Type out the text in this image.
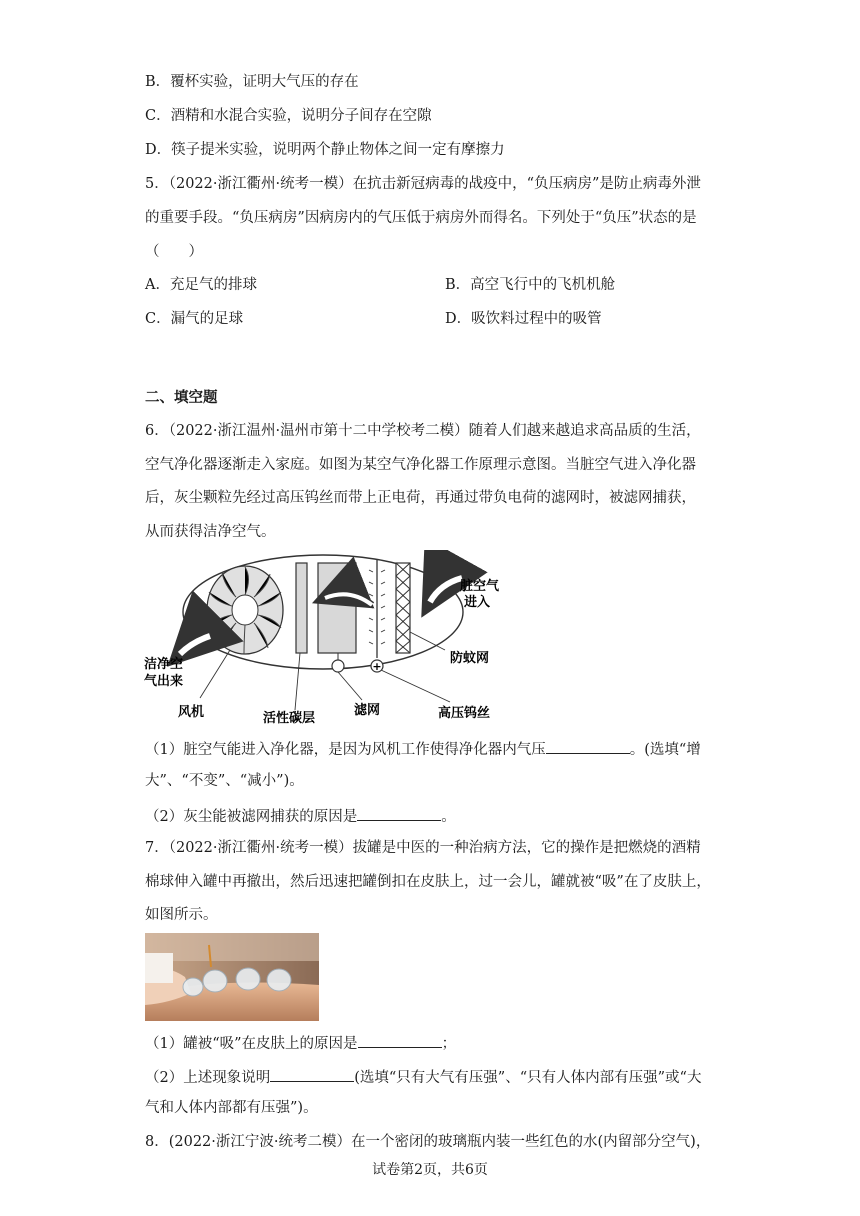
B．覆杯实验，证明大气压的存在
C．酒精和水混合实验，说明分子间存在空隙
D．筷子提米实验，说明两个静止物体之间一定有摩擦力
5．（2022·浙江衢州·统考一模）在抗击新冠病毒的战疫中，“负压病房”是防止病毒外泄
的重要手段。“负压病房”因病房内的气压低于病房外而得名。下列处于“负压”状态的是
（　　）
A．充足气的排球	B．高空飞行中的飞机机舱
C．漏气的足球	D．吸饮料过程中的吸管
二、填空题
6．（2022·浙江温州·温州市第十二中学校考二模）随着人们越来越追求高品质的生活，
空气净化器逐渐走入家庭。如图为某空气净化器工作原理示意图。当脏空气进入净化器
后，灰尘颗粒先经过高压钨丝而带上正电荷，再通过带负电荷的滤网时，被滤网捕获，
从而获得洁净空气。
+
脏空气
进入
洁净空
气出来
防蚊网
风机	活性碳层
滤网	高压钨丝
（1）脏空气能进入净化器，是因为风机工作使得净化器内气压	。(选填“增
大”、“不变”、“减小”)。
（2）灰尘能被滤网捕获的原因是	。
7．（2022·浙江衢州·统考一模）拔罐是中医的一种治病方法，它的操作是把燃烧的酒精
棉球伸入罐中再撤出，然后迅速把罐倒扣在皮肤上，过一会儿，罐就被“吸”在了皮肤上，
如图所示。
（1）罐被“吸”在皮肤上的原因是	；
（2）上述现象说明	(选填“只有大气有压强”、“只有人体内部有压强”或“大
气和人体内部都有压强”)。
8．(2022·浙江宁波·统考二模）在一个密闭的玻璃瓶内装一些红色的水(内留部分空气)，
试卷第2页，共6页
